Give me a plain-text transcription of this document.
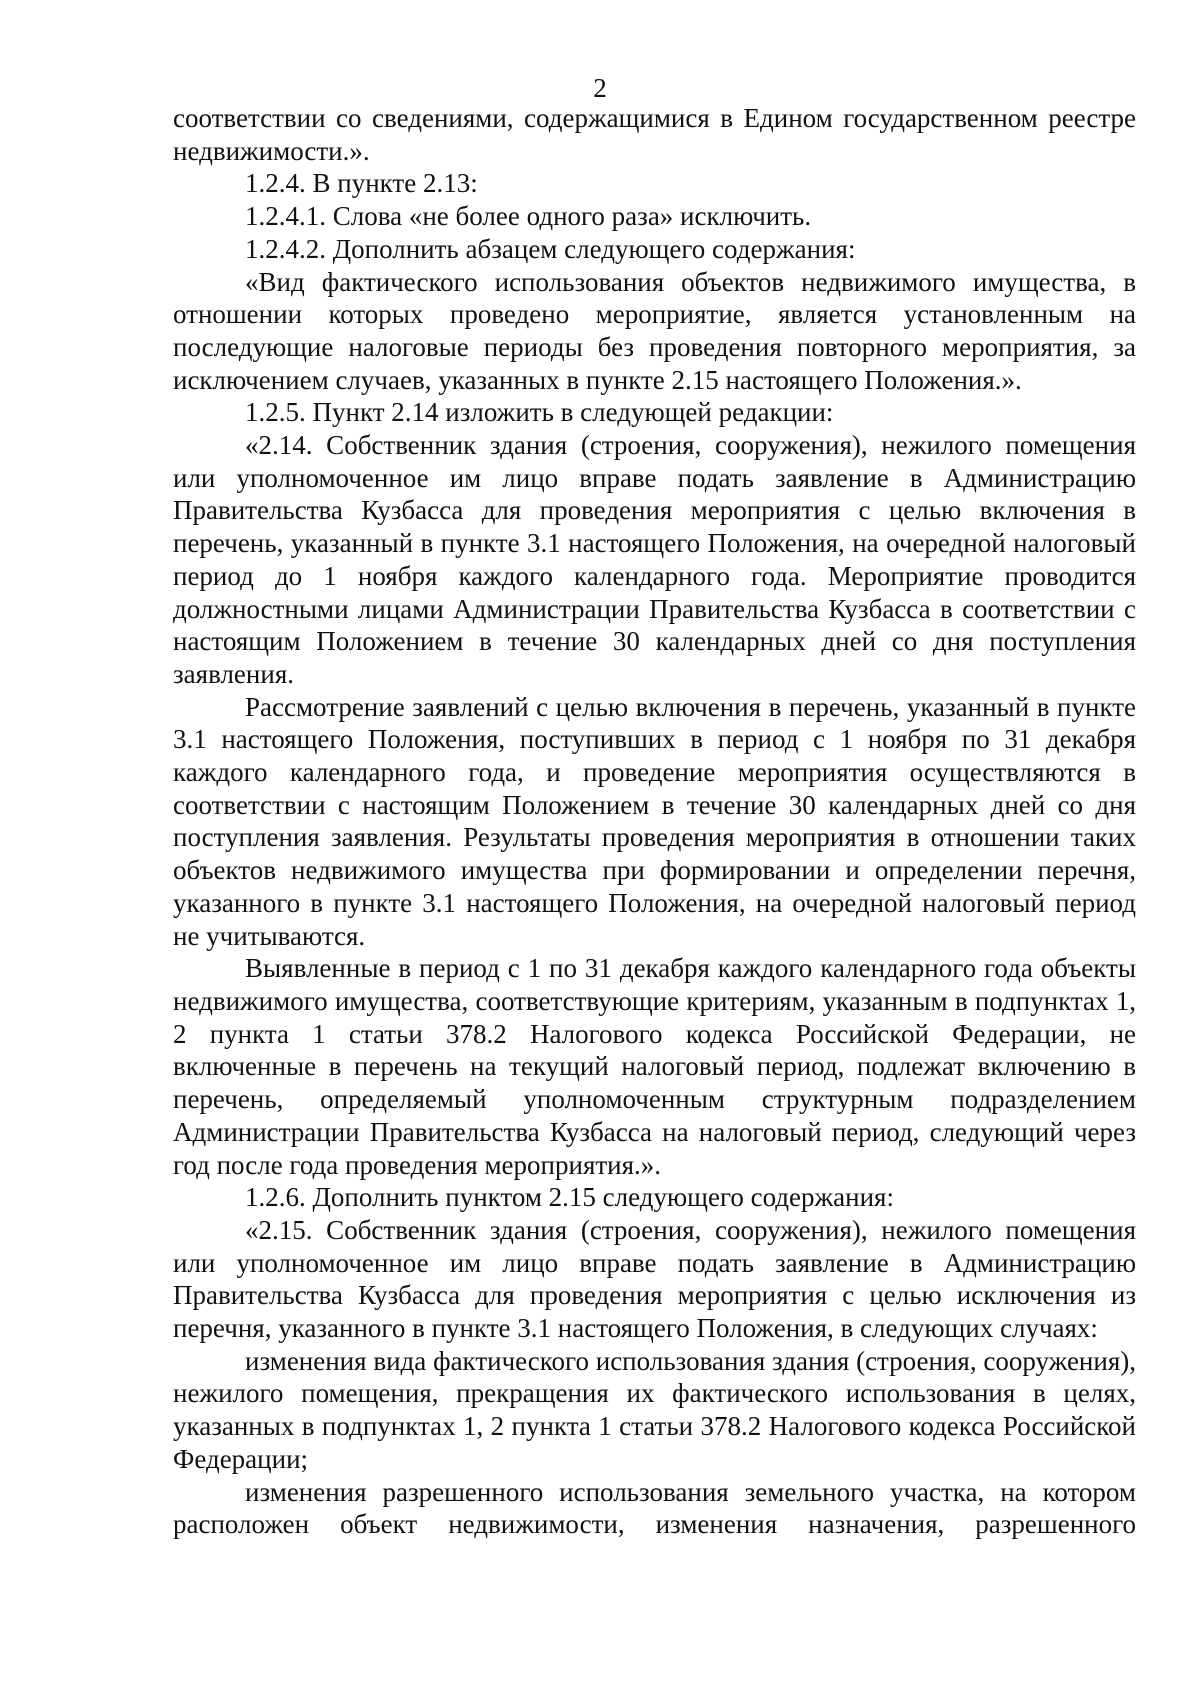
2

соответствии со сведениями, содержащимися в Едином государственном реестре недвижимости.».

1.2.4. В пункте 2.13:

1.2.4.1. Слова «не более одного раза» исключить.

1.2.4.2. Дополнить абзацем следующего содержания:

«Вид фактического использования объектов недвижимого имущества, в отношении которых проведено мероприятие, является установленным на последующие налоговые периоды без проведения повторного мероприятия, за исключением случаев, указанных в пункте 2.15 настоящего Положения.».

1.2.5. Пункт 2.14 изложить в следующей редакции:

«2.14. Собственник здания (строения, сооружения), нежилого помещения или уполномоченное им лицо вправе подать заявление в Администрацию Правительства Кузбасса для проведения мероприятия с целью включения в перечень, указанный в пункте 3.1 настоящего Положения, на очередной налоговый период до 1 ноября каждого календарного года. Мероприятие проводится должностными лицами Администрации Правительства Кузбасса в соответствии с настоящим Положением в течение 30 календарных дней со дня поступления заявления.

Рассмотрение заявлений с целью включения в перечень, указанный в пункте 3.1 настоящего Положения, поступивших в период с 1 ноября по 31 декабря каждого календарного года, и проведение мероприятия осуществляются в соответствии с настоящим Положением в течение 30 календарных дней со дня поступления заявления. Результаты проведения мероприятия в отношении таких объектов недвижимого имущества при формировании и определении перечня, указанного в пункте 3.1 настоящего Положения, на очередной налоговый период не учитываются.

Выявленные в период с 1 по 31 декабря каждого календарного года объекты недвижимого имущества, соответствующие критериям, указанным в подпунктах 1, 2 пункта 1 статьи 378.2 Налогового кодекса Российской Федерации, не включенные в перечень на текущий налоговый период, подлежат включению в перечень, определяемый уполномоченным структурным подразделением Администрации Правительства Кузбасса на налоговый период, следующий через год после года проведения мероприятия.».

1.2.6. Дополнить пунктом 2.15 следующего содержания:

«2.15. Собственник здания (строения, сооружения), нежилого помещения или уполномоченное им лицо вправе подать заявление в Администрацию Правительства Кузбасса для проведения мероприятия с целью исключения из перечня, указанного в пункте 3.1 настоящего Положения, в следующих случаях:

изменения вида фактического использования здания (строения, сооружения), нежилого помещения, прекращения их фактического использования в целях, указанных в подпунктах 1, 2 пункта 1 статьи 378.2 Налогового кодекса Российской Федерации;

изменения разрешенного использования земельного участка, на котором расположен объект недвижимости, изменения назначения, разрешенного
